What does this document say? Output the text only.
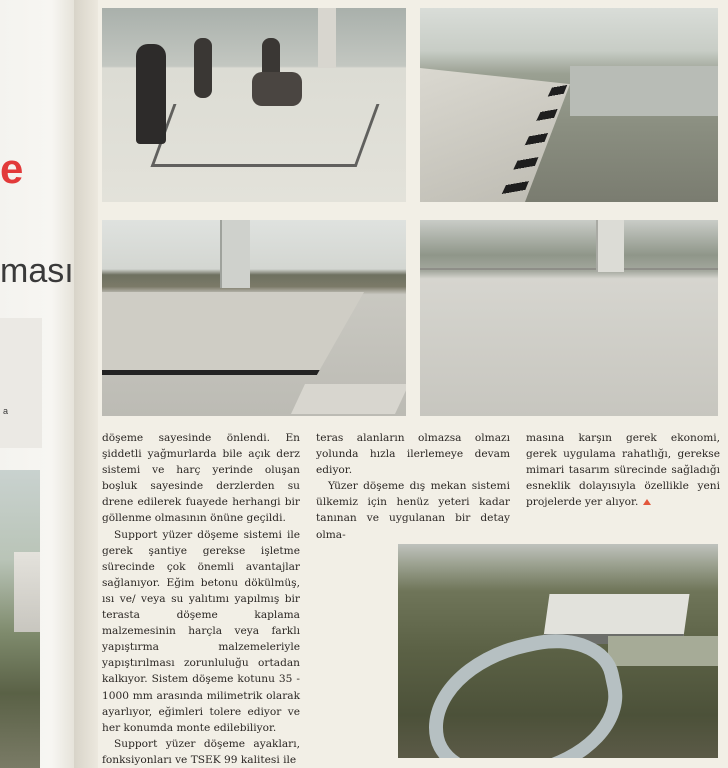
e
ması
a

döşeme sayesinde önlendi. En şiddetli yağmurlarda bile açık derz sistemi ve harç yerinde oluşan boşluk sayesinde derzlerden su drene edilerek fuayede herhangi bir göllenme olmasının önüne geçildi.

Support yüzer döşeme sistemi ile gerek şantiye gerekse işletme sürecinde çok önemli avantajlar sağlanıyor. Eğim betonu dökülmüş, ısı ve/ veya su yalıtımı yapılmış bir terasta döşeme kaplama malzemesinin harçla veya farklı yapıştırma malzemeleriyle yapıştırılması zorunluluğu ortadan kalkıyor. Sistem döşeme kotunu 35 - 1000 mm arasında milimetrik olarak ayarlıyor, eğimleri tolere ediyor ve her konumda monte edilebiliyor.

Support yüzer döşeme ayakları, fonksiyonları ve TSEK 99 kalitesi ile

teras alanların olmazsa olmazı yolunda hızla ilerlemeye devam ediyor.

Yüzer döşeme dış mekan sistemi ülkemiz için henüz yeteri kadar tanınan ve uygulanan bir detay olma-

masına karşın gerek ekonomi, gerek uygulama rahatlığı, gerekse mimari tasarım sürecinde sağladığı esneklik dolayısıyla özellikle yeni projelerde yer alıyor.
